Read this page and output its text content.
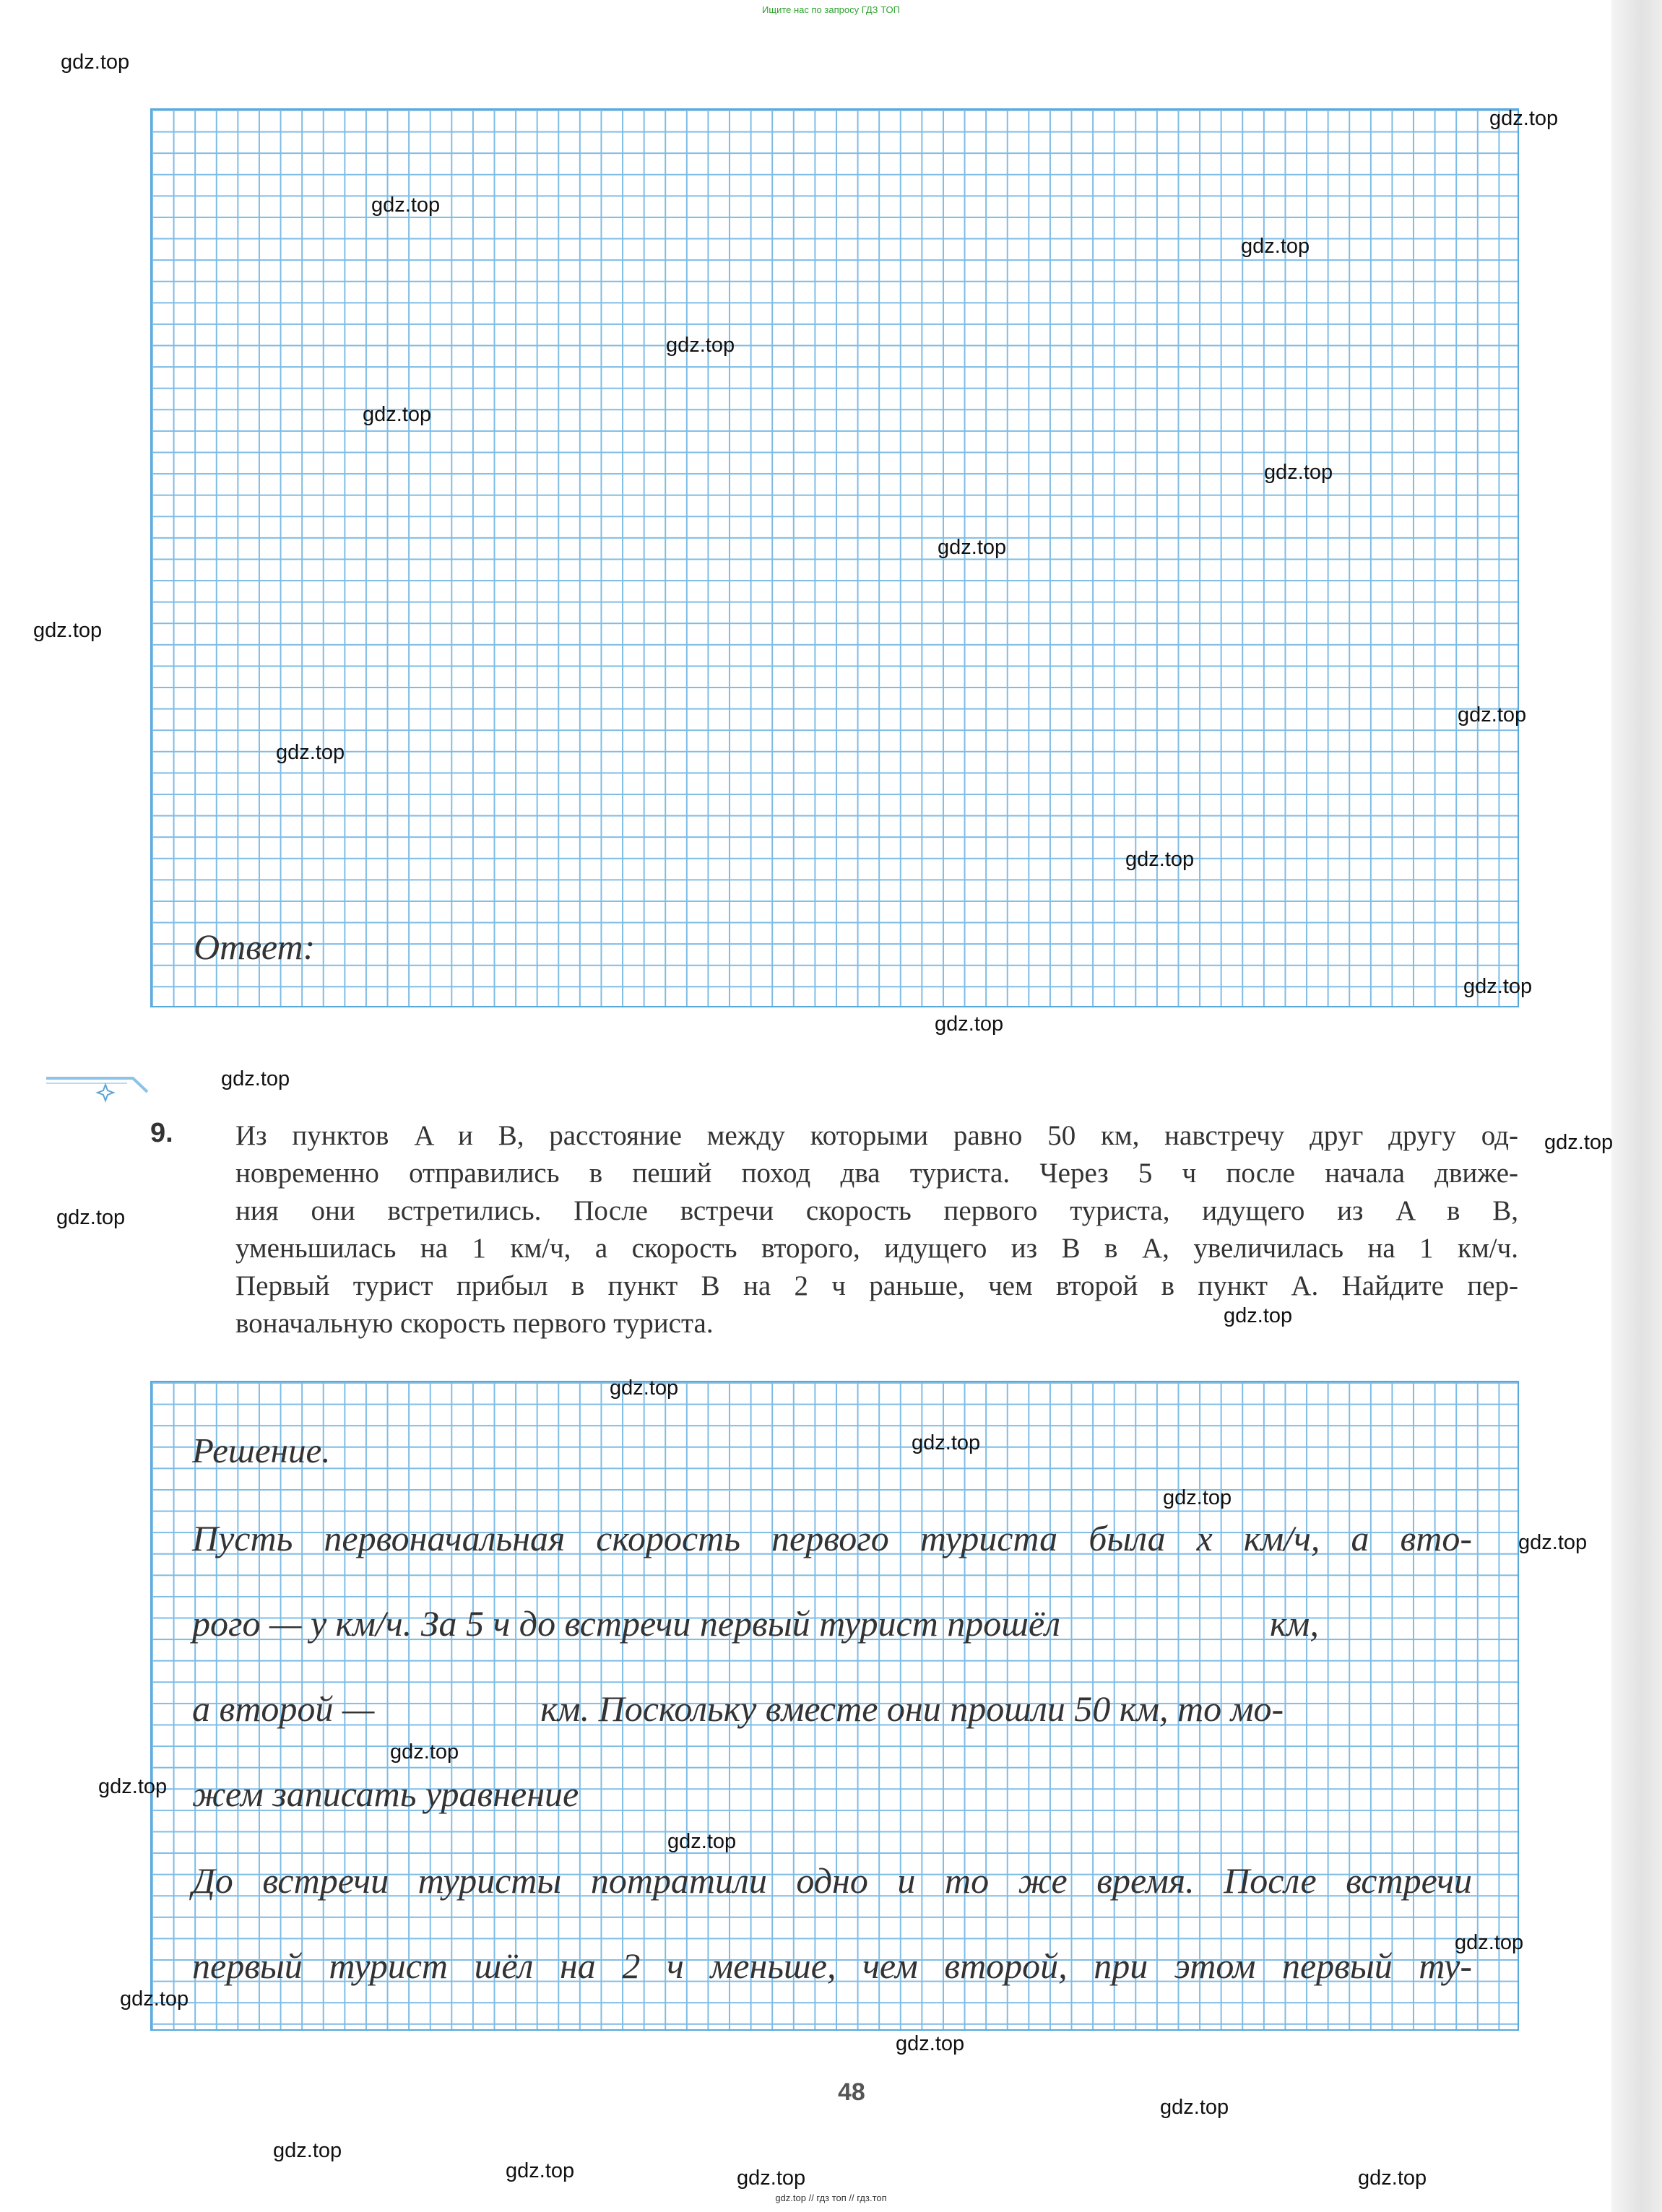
Ищите нас по запросу ГДЗ ТОП
Ответ:
9. Из пунктов A и B, расстояние между которыми равно 50 км, навстречу друг другу од-
новременно отправились в пеший поход два туриста. Через 5 ч после начала движе-
ния они встретились. После встречи скорость первого туриста, идущего из A в B,
уменьшилась на 1 км/ч, а скорость второго, идущего из B в A, увеличилась на 1 км/ч.
Первый турист прибыл в пункт B на 2 ч раньше, чем второй в пункт A. Найдите пер-
воначальную скорость первого туриста.
Решение.
Пусть первоначальная скорость первого туриста была x км/ч, а вто-
рого — y км/ч. За 5 ч до встречи первый турист прошёл	км,
а второй —	км. Поскольку вместе они прошли 50 км, то мо-
жем записать уравнение
До встречи туристы потратили одно и то же время. После встречи
первый турист шёл на 2 ч меньше, чем второй, при этом первый ту-
48
gdz.top // гдз топ // гдз.топ
gdz.top
gdz.top
gdz.top
gdz.top
gdz.top
gdz.top
gdz.top
gdz.top
gdz.top
gdz.top
gdz.top
gdz.top
gdz.top
gdz.top
gdz.top
gdz.top
gdz.top
gdz.top
gdz.top
gdz.top
gdz.top
gdz.top
gdz.top
gdz.top
gdz.top
gdz.top
gdz.top
gdz.top
gdz.top
gdz.top
gdz.top	gdz.top
gdz.top
